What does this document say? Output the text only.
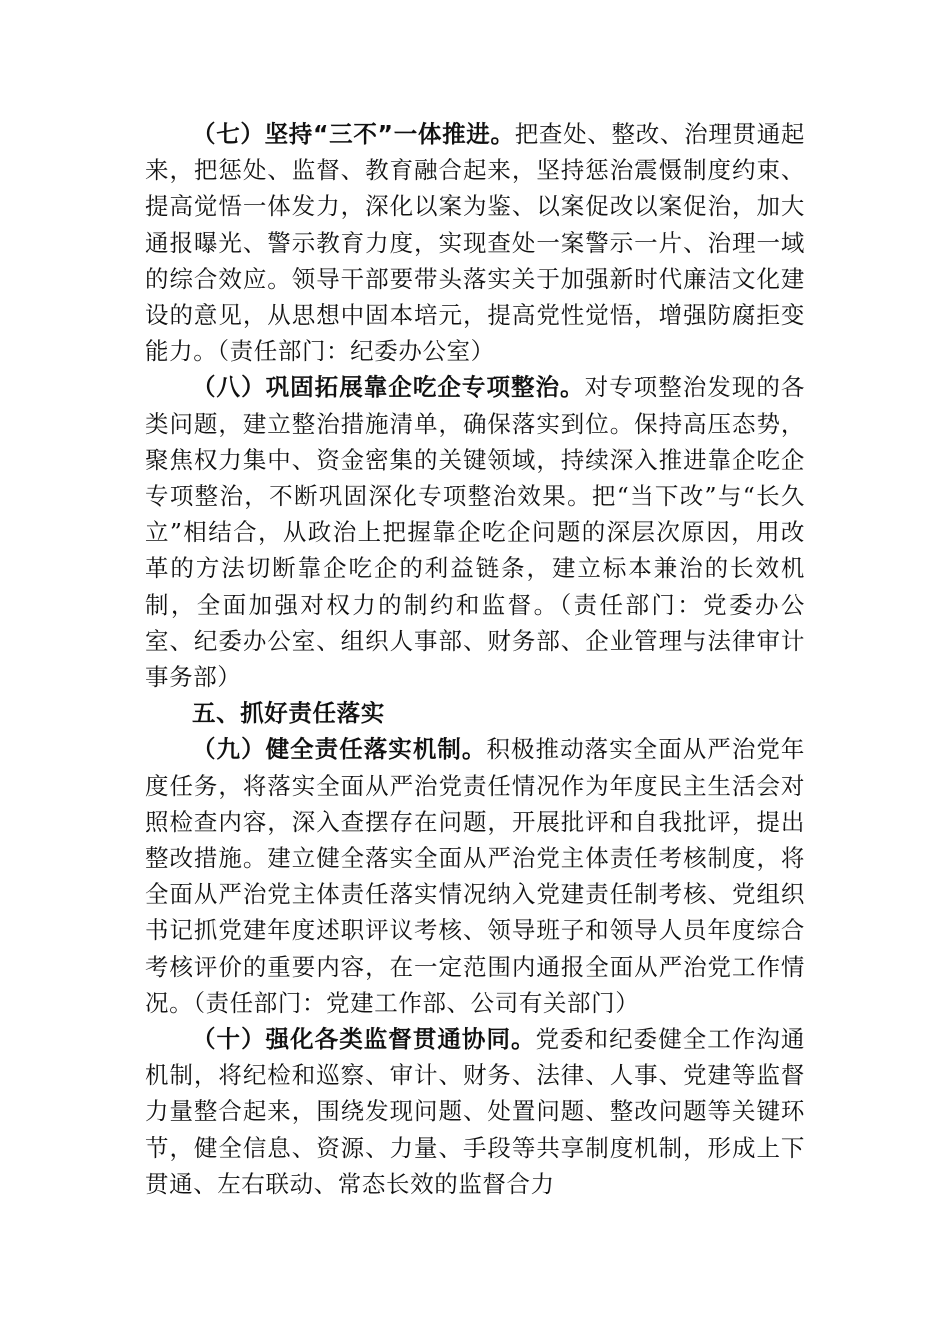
（七）坚持“三不”一体推进。把查处、整改、治理贯通起来，把惩处、监督、教育融合起来，坚持惩治震慑制度约束、提高觉悟一体发力，深化以案为鉴、以案促改以案促治，加大通报曝光、警示教育力度，实现查处一案警示一片、治理一域的综合效应。领导干部要带头落实关于加强新时代廉洁文化建设的意见，从思想中固本培元，提高党性觉悟，增强防腐拒变能力。（责任部门：纪委办公室）

（八）巩固拓展靠企吃企专项整治。对专项整治发现的各类问题，建立整治措施清单，确保落实到位。保持高压态势，聚焦权力集中、资金密集的关键领域，持续深入推进靠企吃企专项整治，不断巩固深化专项整治效果。把“当下改”与“长久立”相结合，从政治上把握靠企吃企问题的深层次原因，用改革的方法切断靠企吃企的利益链条，建立标本兼治的长效机制，全面加强对权力的制约和监督。（责任部门：党委办公室、纪委办公室、组织人事部、财务部、企业管理与法律审计事务部）

五、抓好责任落实

（九）健全责任落实机制。积极推动落实全面从严治党年度任务，将落实全面从严治党责任情况作为年度民主生活会对照检查内容，深入查摆存在问题，开展批评和自我批评，提出整改措施。建立健全落实全面从严治党主体责任考核制度，将全面从严治党主体责任落实情况纳入党建责任制考核、党组织书记抓党建年度述职评议考核、领导班子和领导人员年度综合考核评价的重要内容，在一定范围内通报全面从严治党工作情况。（责任部门：党建工作部、公司有关部门）

（十）强化各类监督贯通协同。党委和纪委健全工作沟通机制，将纪检和巡察、审计、财务、法律、人事、党建等监督力量整合起来，围绕发现问题、处置问题、整改问题等关键环节，健全信息、资源、力量、手段等共享制度机制，形成上下贯通、左右联动、常态长效的监督合力
